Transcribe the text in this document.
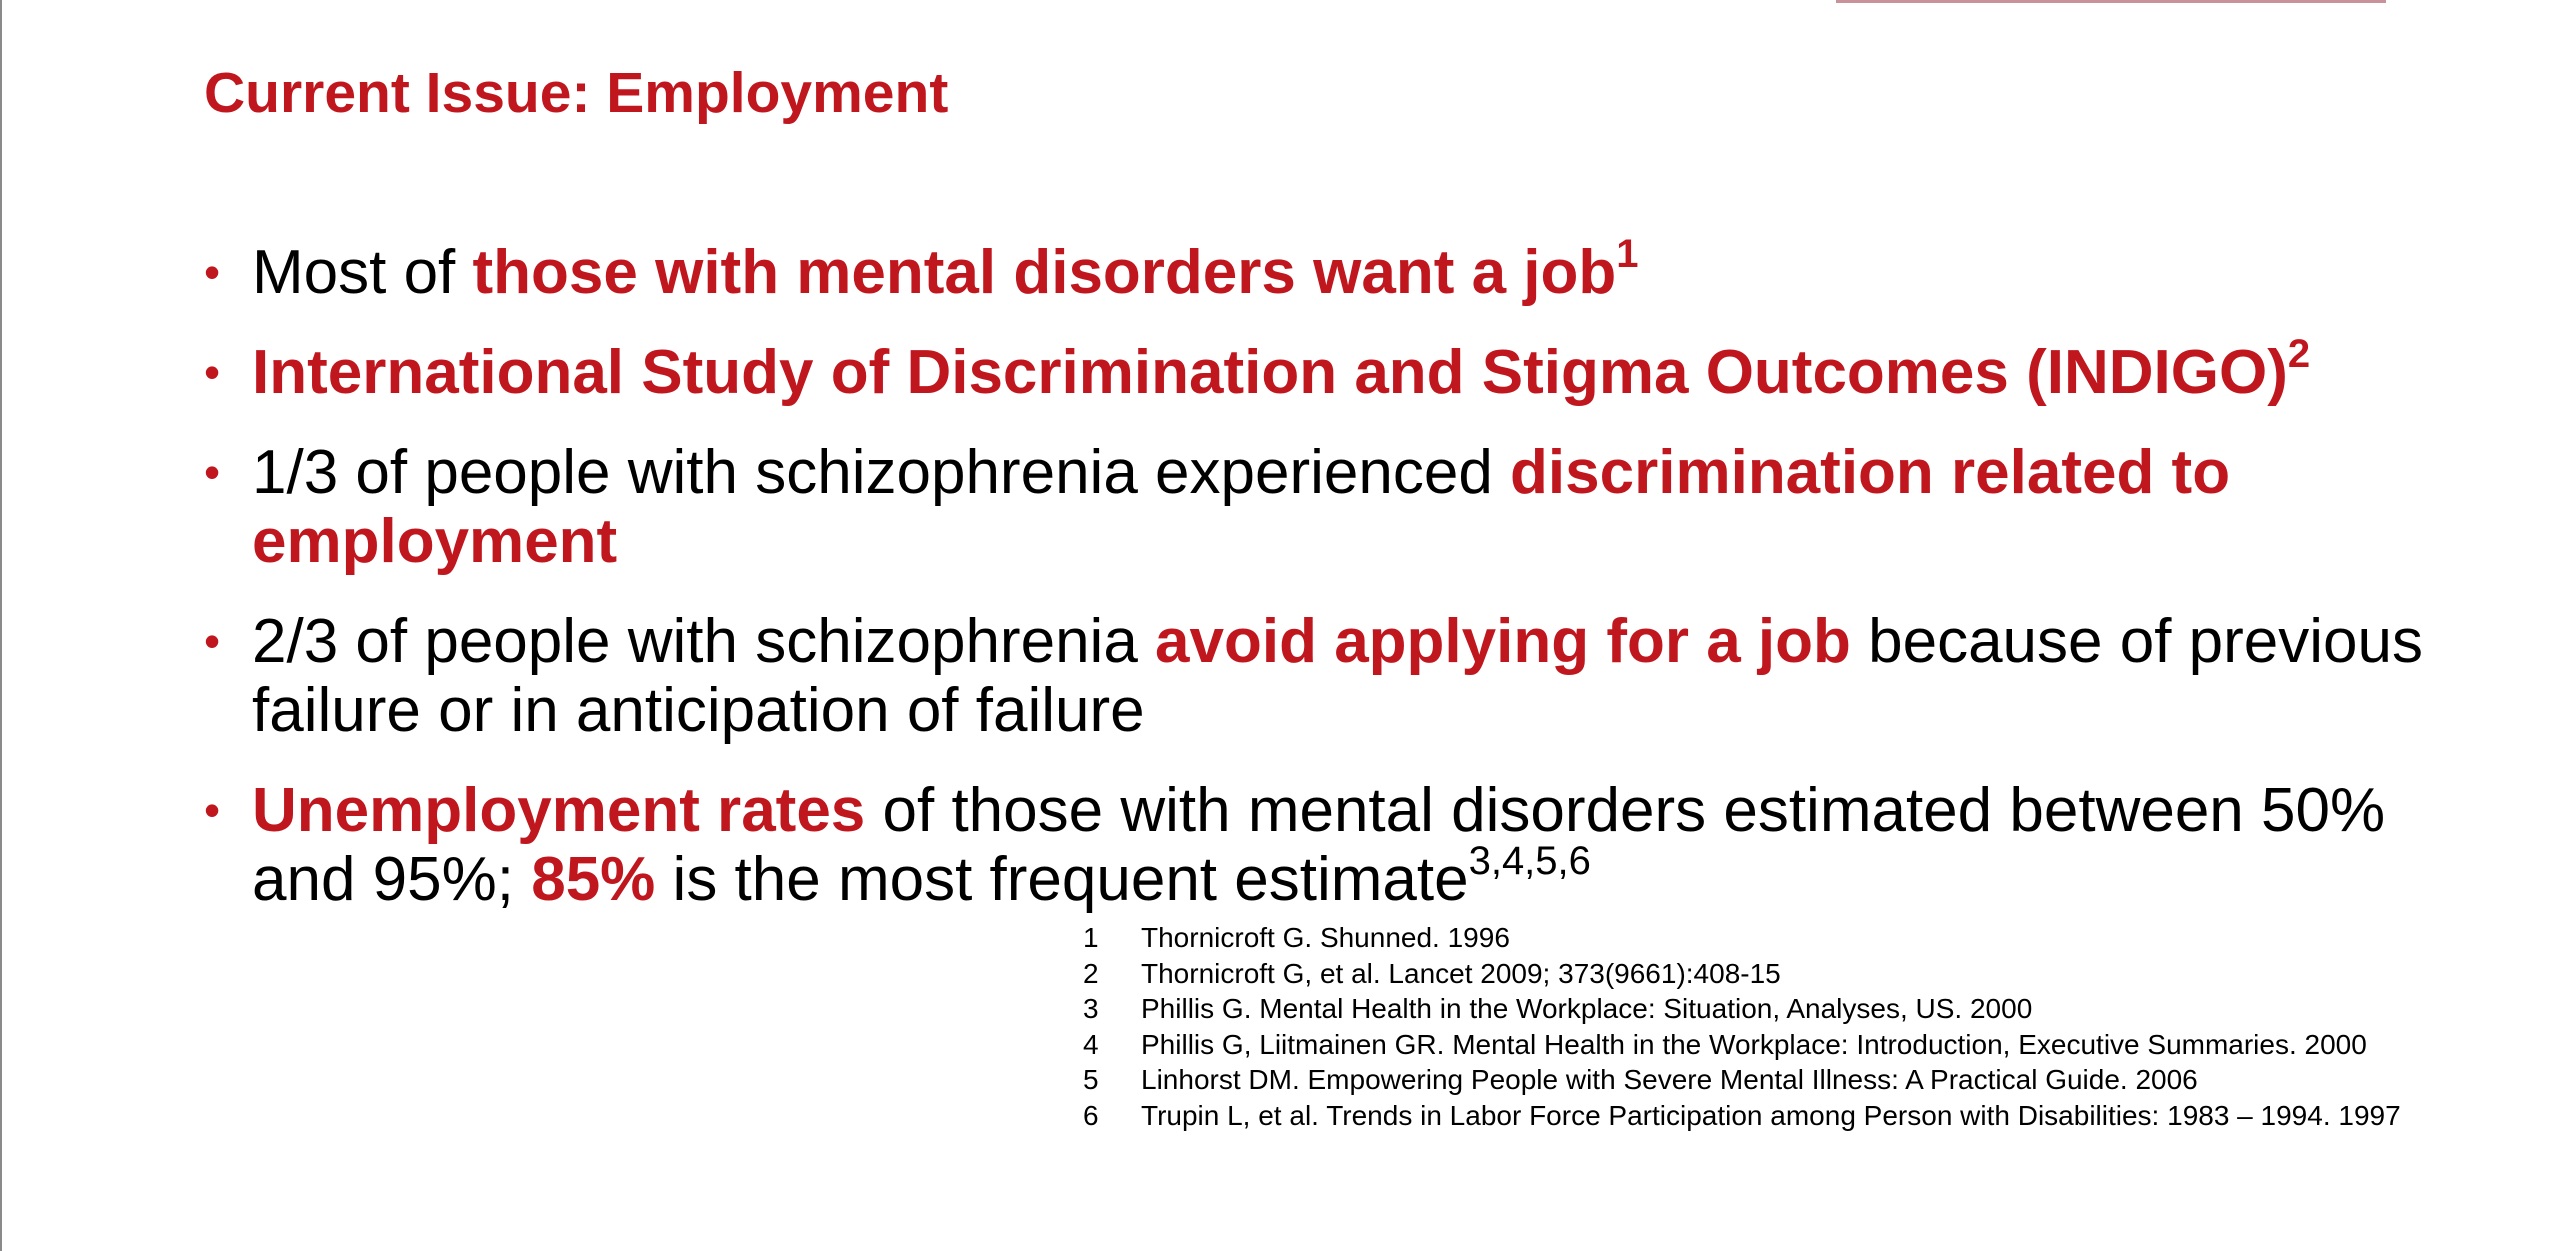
Current Issue: Employment
• Most of those with mental disorders want a job$^1$
• International Study of Discrimination and Stigma Outcomes (INDIGO)$^2$
• 1/3 of people with schizophrenia experienced discrimination related to employment
• 2/3 of people with schizophrenia avoid applying for a job because of previous failure or in anticipation of failure
• Unemployment rates of those with mental disorders estimated between 50% and 95%; 85% is the most frequent estimate$^{3,4,5,6}$
1 Thornicroft G. Shunned. 1996
2 Thornicroft G, et al. Lancet 2009; 373(9661):408-15
3 Phillis G. Mental Health in the Workplace: Situation, Analyses, US. 2000
4 Phillis G, Liitmainen GR. Mental Health in the Workplace: Introduction, Executive Summaries. 2000
5 Linhorst DM. Empowering People with Severe Mental Illness: A Practical Guide. 2006
6 Trupin L, et al. Trends in Labor Force Participation among Person with Disabilities: 1983 – 1994. 1997
